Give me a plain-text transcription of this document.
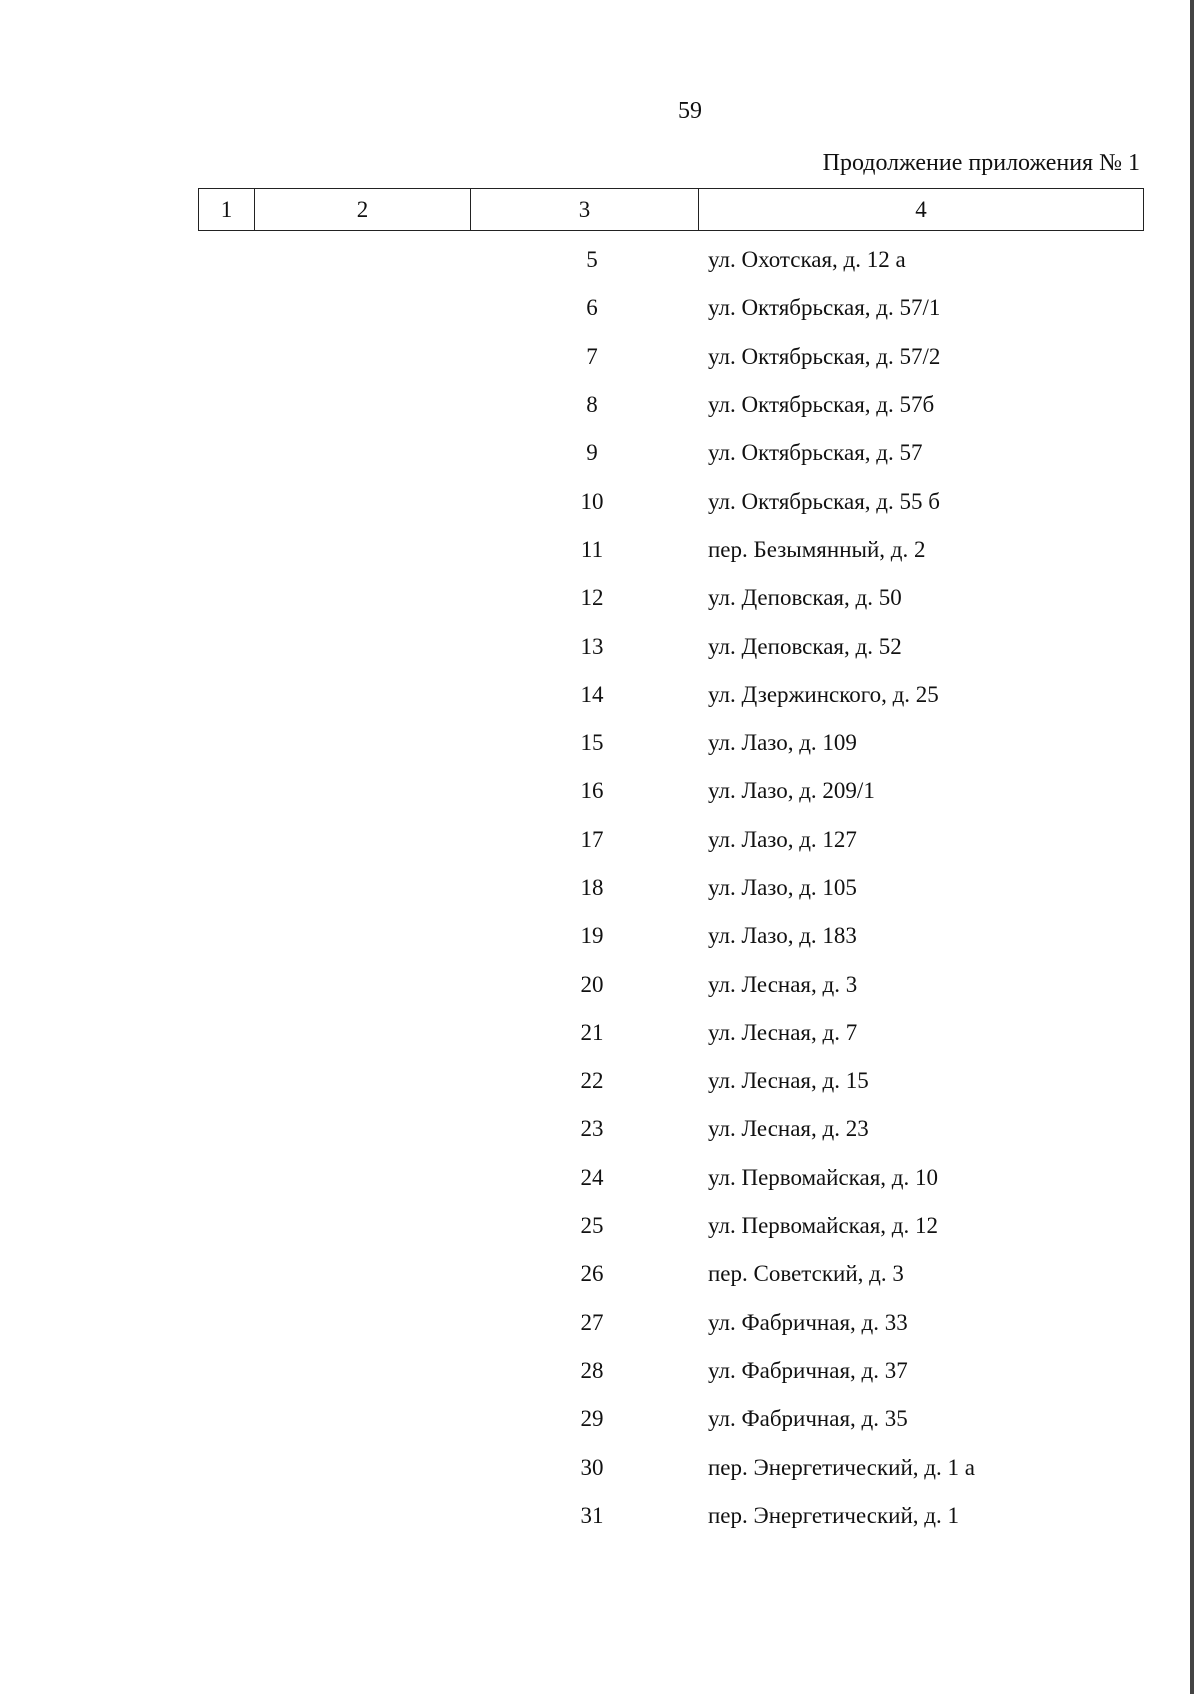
59
Продолжение приложения № 1
1	2	3	4
5	ул. Охотская, д. 12 а
6	ул. Октябрьская, д. 57/1
7	ул. Октябрьская, д. 57/2
8	ул. Октябрьская, д. 57б
9	ул. Октябрьская, д. 57
10	ул. Октябрьская, д. 55 б
11	пер. Безымянный, д. 2
12	ул. Деповская, д. 50
13	ул. Деповская, д. 52
14	ул. Дзержинского, д. 25
15	ул. Лазо, д. 109
16	ул. Лазо, д. 209/1
17	ул. Лазо, д. 127
18	ул. Лазо, д. 105
19	ул. Лазо, д. 183
20	ул. Лесная, д. 3
21	ул. Лесная, д. 7
22	ул. Лесная, д. 15
23	ул. Лесная, д. 23
24	ул. Первомайская, д. 10
25	ул. Первомайская, д. 12
26	пер. Советский, д. 3
27	ул. Фабричная, д. 33
28	ул. Фабричная, д. 37
29	ул. Фабричная, д. 35
30	пер. Энергетический, д. 1 а
31	пер. Энергетический, д. 1
